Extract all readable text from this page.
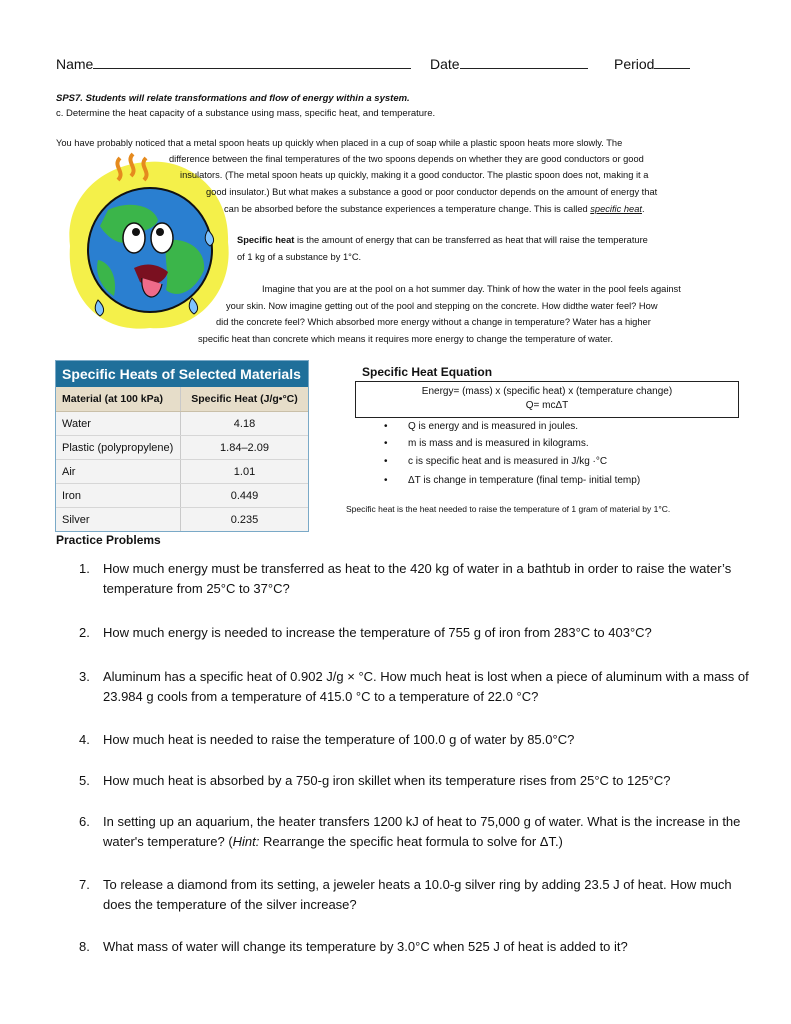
Name	Date	Period
SPS7. Students will relate transformations and flow of energy within a system.
c. Determine the heat capacity of a substance using mass, specific heat, and temperature.
You have probably noticed that a metal spoon heats up quickly when placed in a cup of soap while a plastic spoon heats more slowly. The
difference between the final temperatures of the two spoons depends on whether they are good conductors or good
insulators. (The metal spoon heats up quickly, making it a good conductor. The plastic spoon does not, making it a
good insulator.) But what makes a substance a good or poor conductor depends on the amount of energy that
can be absorbed before the substance experiences a temperature change. This is called specific heat.
Specific heat is the amount of energy that can be transferred as heat that will raise the temperature
of 1 kg of a substance by 1°C.
Imagine that you are at the pool on a hot summer day. Think of how the water in the pool feels against
your skin. Now imagine getting out of the pool and stepping on the concrete. How didthe water feel? How
did the concrete feel? Which absorbed more energy without a change in temperature? Water has a higher
specific heat than concrete which means it requires more energy to change the temperature of water.
Specific Heats of Selected Materials
Material (at 100 kPa)	Specific Heat (J/g•°C)
Water	4.18
Plastic (polypropylene)	1.84–2.09
Air	1.01
Iron	0.449
Silver	0.235
Specific Heat Equation
Energy= (mass) x (specific heat) x (temperature change)
Q= mcΔT
• Q is energy and is measured in joules.
• m is mass and is measured in kilograms.
• c is specific heat and is measured in J/kg ·°C
• ΔT is change in temperature (final temp- initial temp)
Specific heat is the heat needed to raise the temperature of 1 gram of material by 1°C.
Practice Problems
1. How much energy must be transferred as heat to the 420 kg of water in a bathtub in order to raise the water’s temperature from 25°C to 37°C?
2. How much energy is needed to increase the temperature of 755 g of iron from 283°C to 403°C?
3. Aluminum has a specific heat of 0.902 J/g × °C. How much heat is lost when a piece of aluminum with a mass of 23.984 g cools from a temperature of 415.0 °C to a temperature of 22.0 °C?
4. How much heat is needed to raise the temperature of 100.0 g of water by 85.0°C?
5. How much heat is absorbed by a 750-g iron skillet when its temperature rises from 25°C to 125°C?
6. In setting up an aquarium, the heater transfers 1200 kJ of heat to 75,000 g of water. What is the increase in the water's temperature? (Hint: Rearrange the specific heat formula to solve for ΔT.)
7. To release a diamond from its setting, a jeweler heats a 10.0-g silver ring by adding 23.5 J of heat. How much does the temperature of the silver increase?
8. What mass of water will change its temperature by 3.0°C when 525 J of heat is added to it?
